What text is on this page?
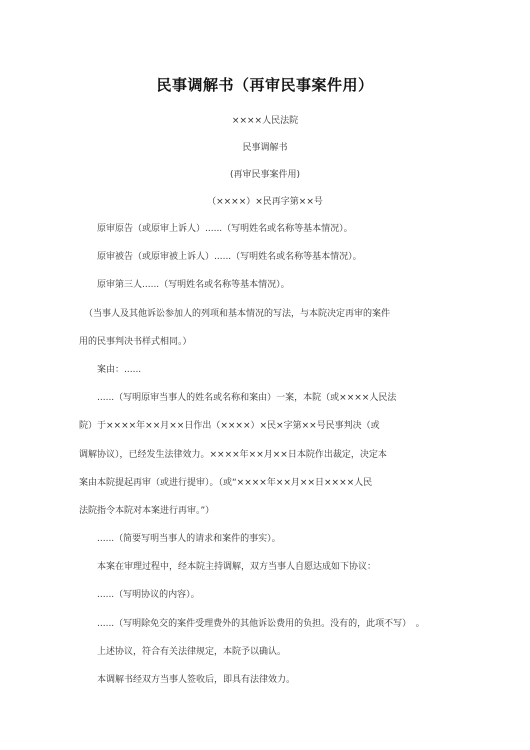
民事调解书（再审民事案件用）
××××人民法院
民事调解书
(再审民事案件用)
（××××）×民再字第××号
原审原告（或原审上诉人）......（写明姓名或名称等基本情况）。
原审被告（或原审被上诉人）......（写明姓名或名称等基本情况）。
原审第三人......（写明姓名或名称等基本情况）。
（当事人及其他诉讼参加人的列项和基本情况的写法，与本院决定再审的案件
用的民事判决书样式相同。）
案由：......
......（写明原审当事人的姓名或名称和案由）一案，本院（或××××人民法
院）于××××年××月××日作出（××××）×民×字第××号民事判决（或
调解协议），已经发生法律效力。××××年××月××日本院作出裁定，决定本
案由本院提起再审（或进行提审）。（或“××××年××月××日××××人民
法院指令本院对本案进行再审。”）
......（简要写明当事人的请求和案件的事实）。
本案在审理过程中，经本院主持调解，双方当事人自愿达成如下协议：
......（写明协议的内容）。
......（写明除免交的案件受理费外的其他诉讼费用的负担。没有的，此项不写）　。
上述协议，符合有关法律规定，本院予以确认。
本调解书经双方当事人签收后，即具有法律效力。
